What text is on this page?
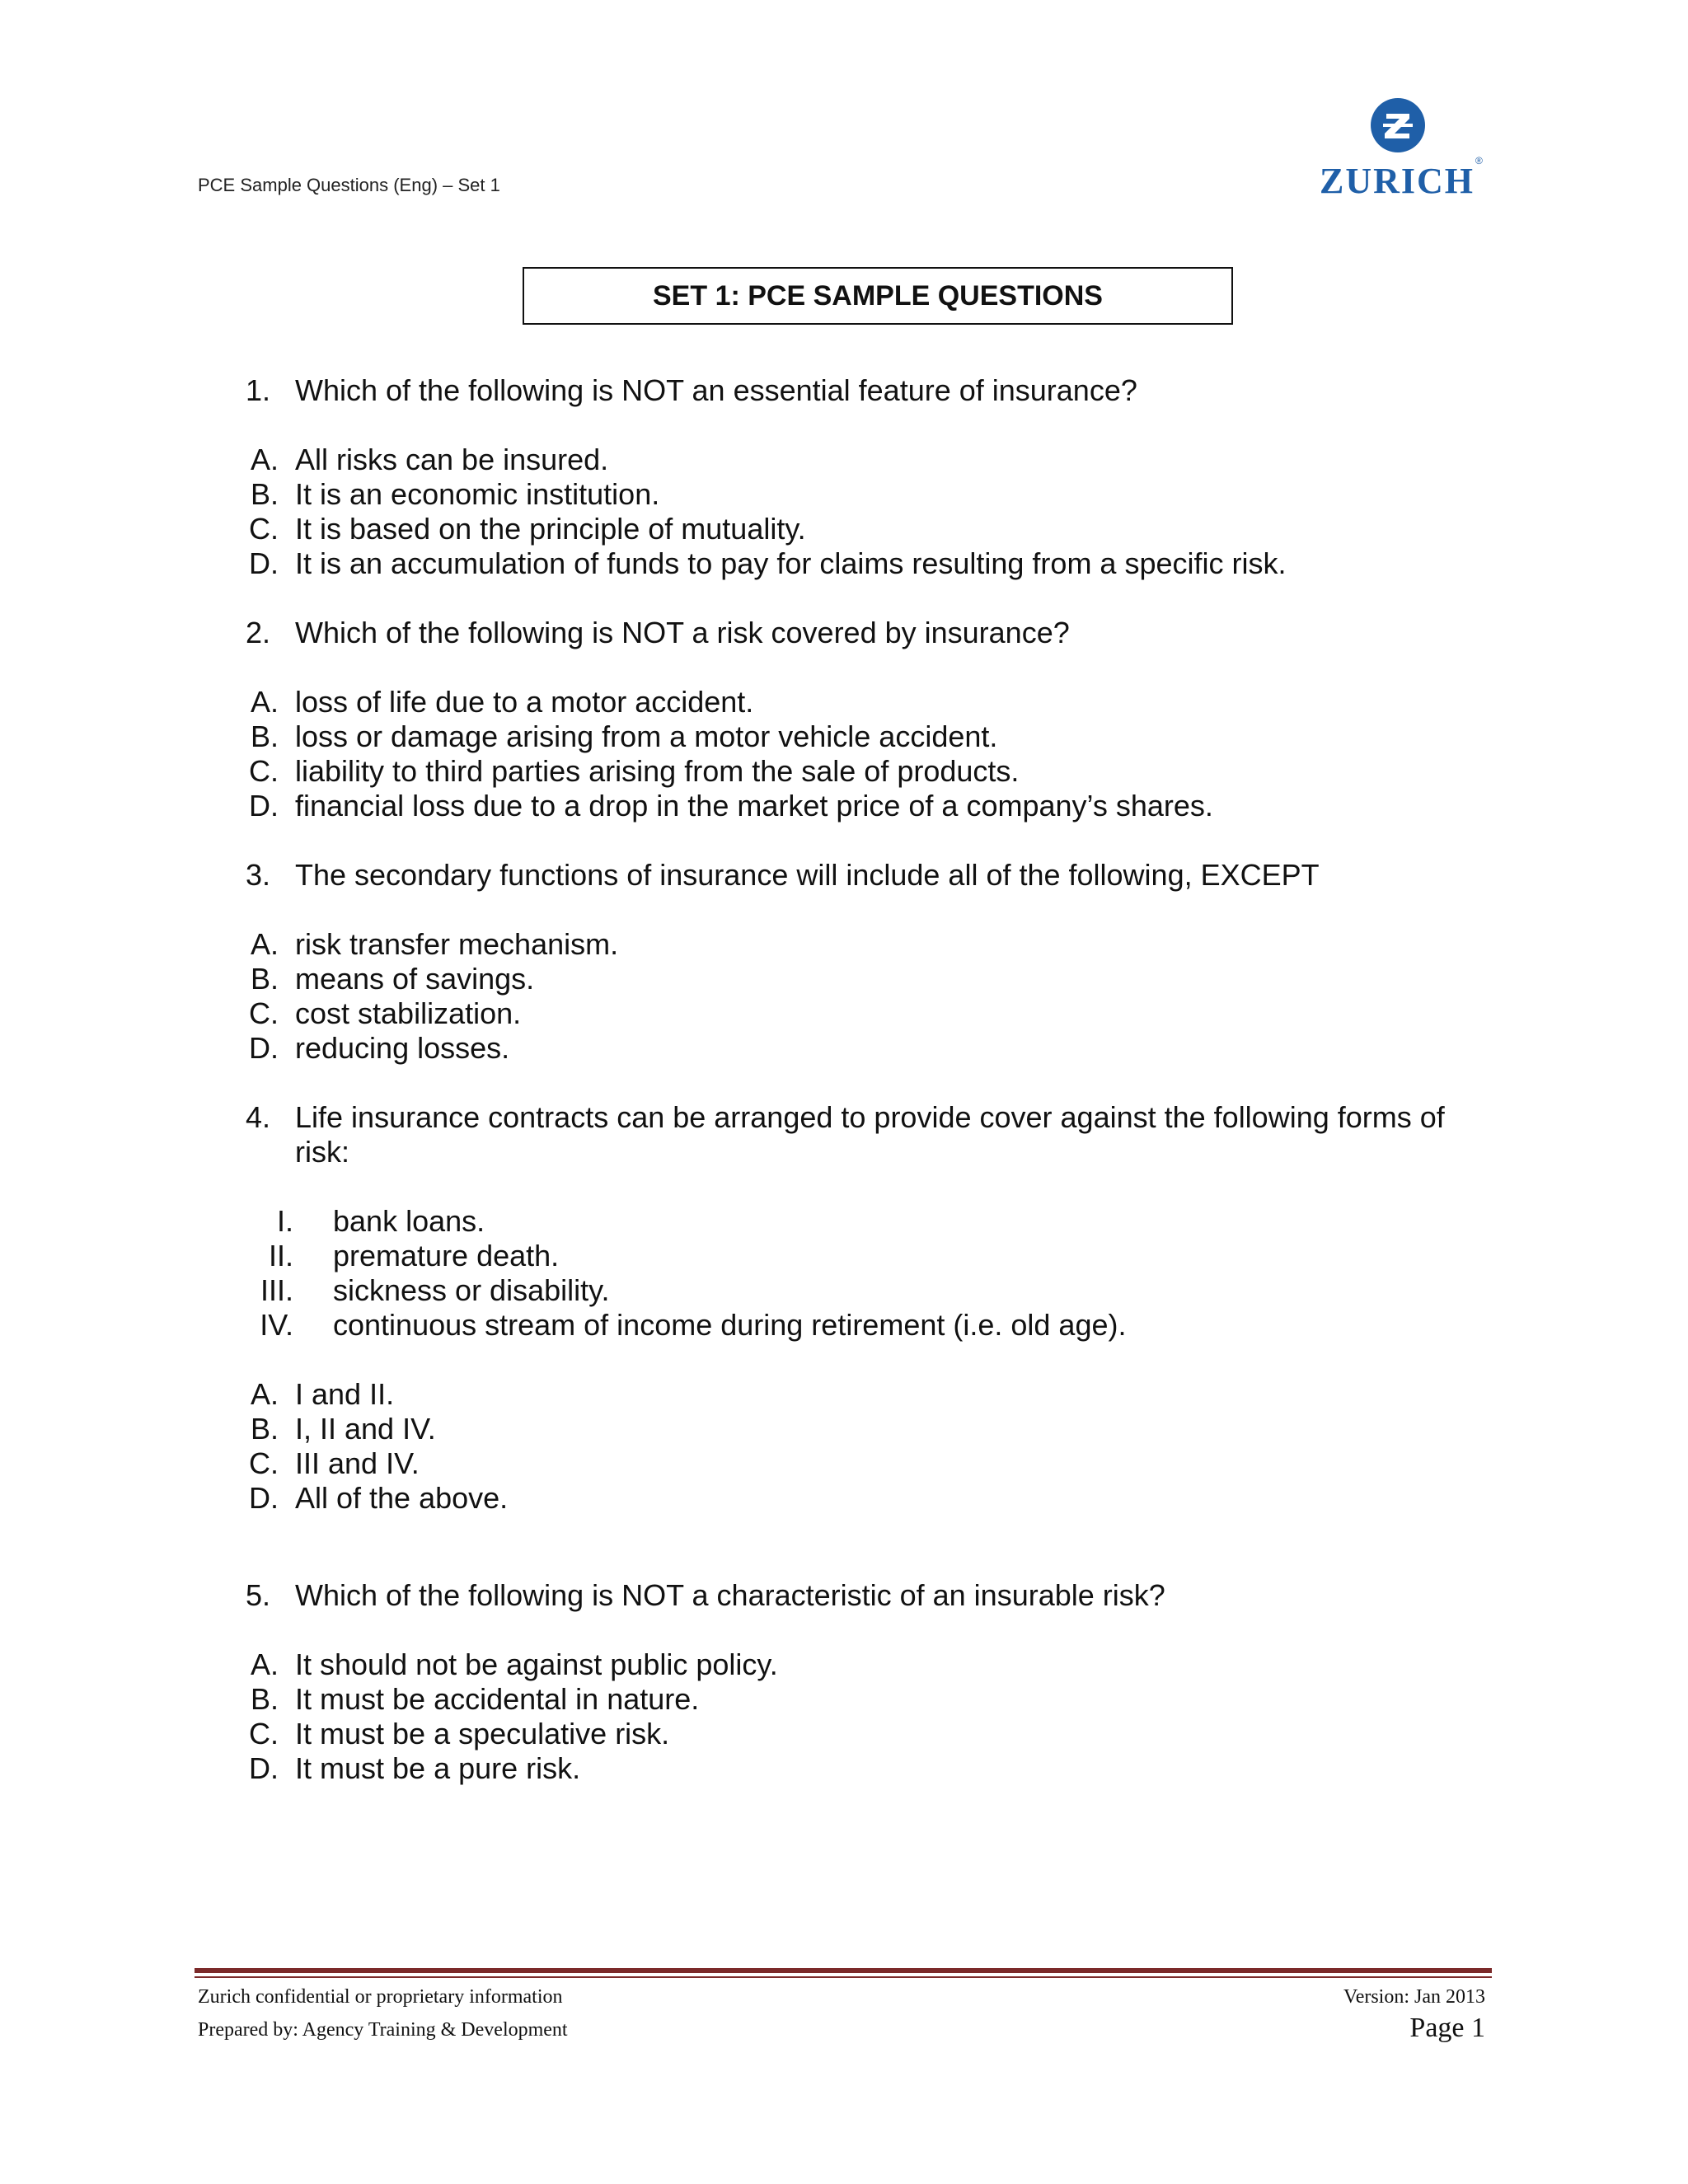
PCE Sample Questions (Eng) – Set 1	ZURICH ®
SET 1: PCE SAMPLE QUESTIONS
1. Which of the following is NOT an essential feature of insurance?
A. All risks can be insured.
B. It is an economic institution.
C. It is based on the principle of mutuality.
D. It is an accumulation of funds to pay for claims resulting from a specific risk.
2. Which of the following is NOT a risk covered by insurance?
A. loss of life due to a motor accident.
B. loss or damage arising from a motor vehicle accident.
C. liability to third parties arising from the sale of products.
D. financial loss due to a drop in the market price of a company’s shares.
3. The secondary functions of insurance will include all of the following, EXCEPT
A. risk transfer mechanism.
B. means of savings.
C. cost stabilization.
D. reducing losses.
4. Life insurance contracts can be arranged to provide cover against the following forms of
risk:
I. bank loans.
II. premature death.
III. sickness or disability.
IV. continuous stream of income during retirement (i.e. old age).
A. I and II.
B. I, II and IV.
C. III and IV.
D. All of the above.
5. Which of the following is NOT a characteristic of an insurable risk?
A. It should not be against public policy.
B. It must be accidental in nature.
C. It must be a speculative risk.
D. It must be a pure risk.
Zurich confidential or proprietary information
Prepared by: Agency Training & Development
Version: Jan 2013
Page 1
